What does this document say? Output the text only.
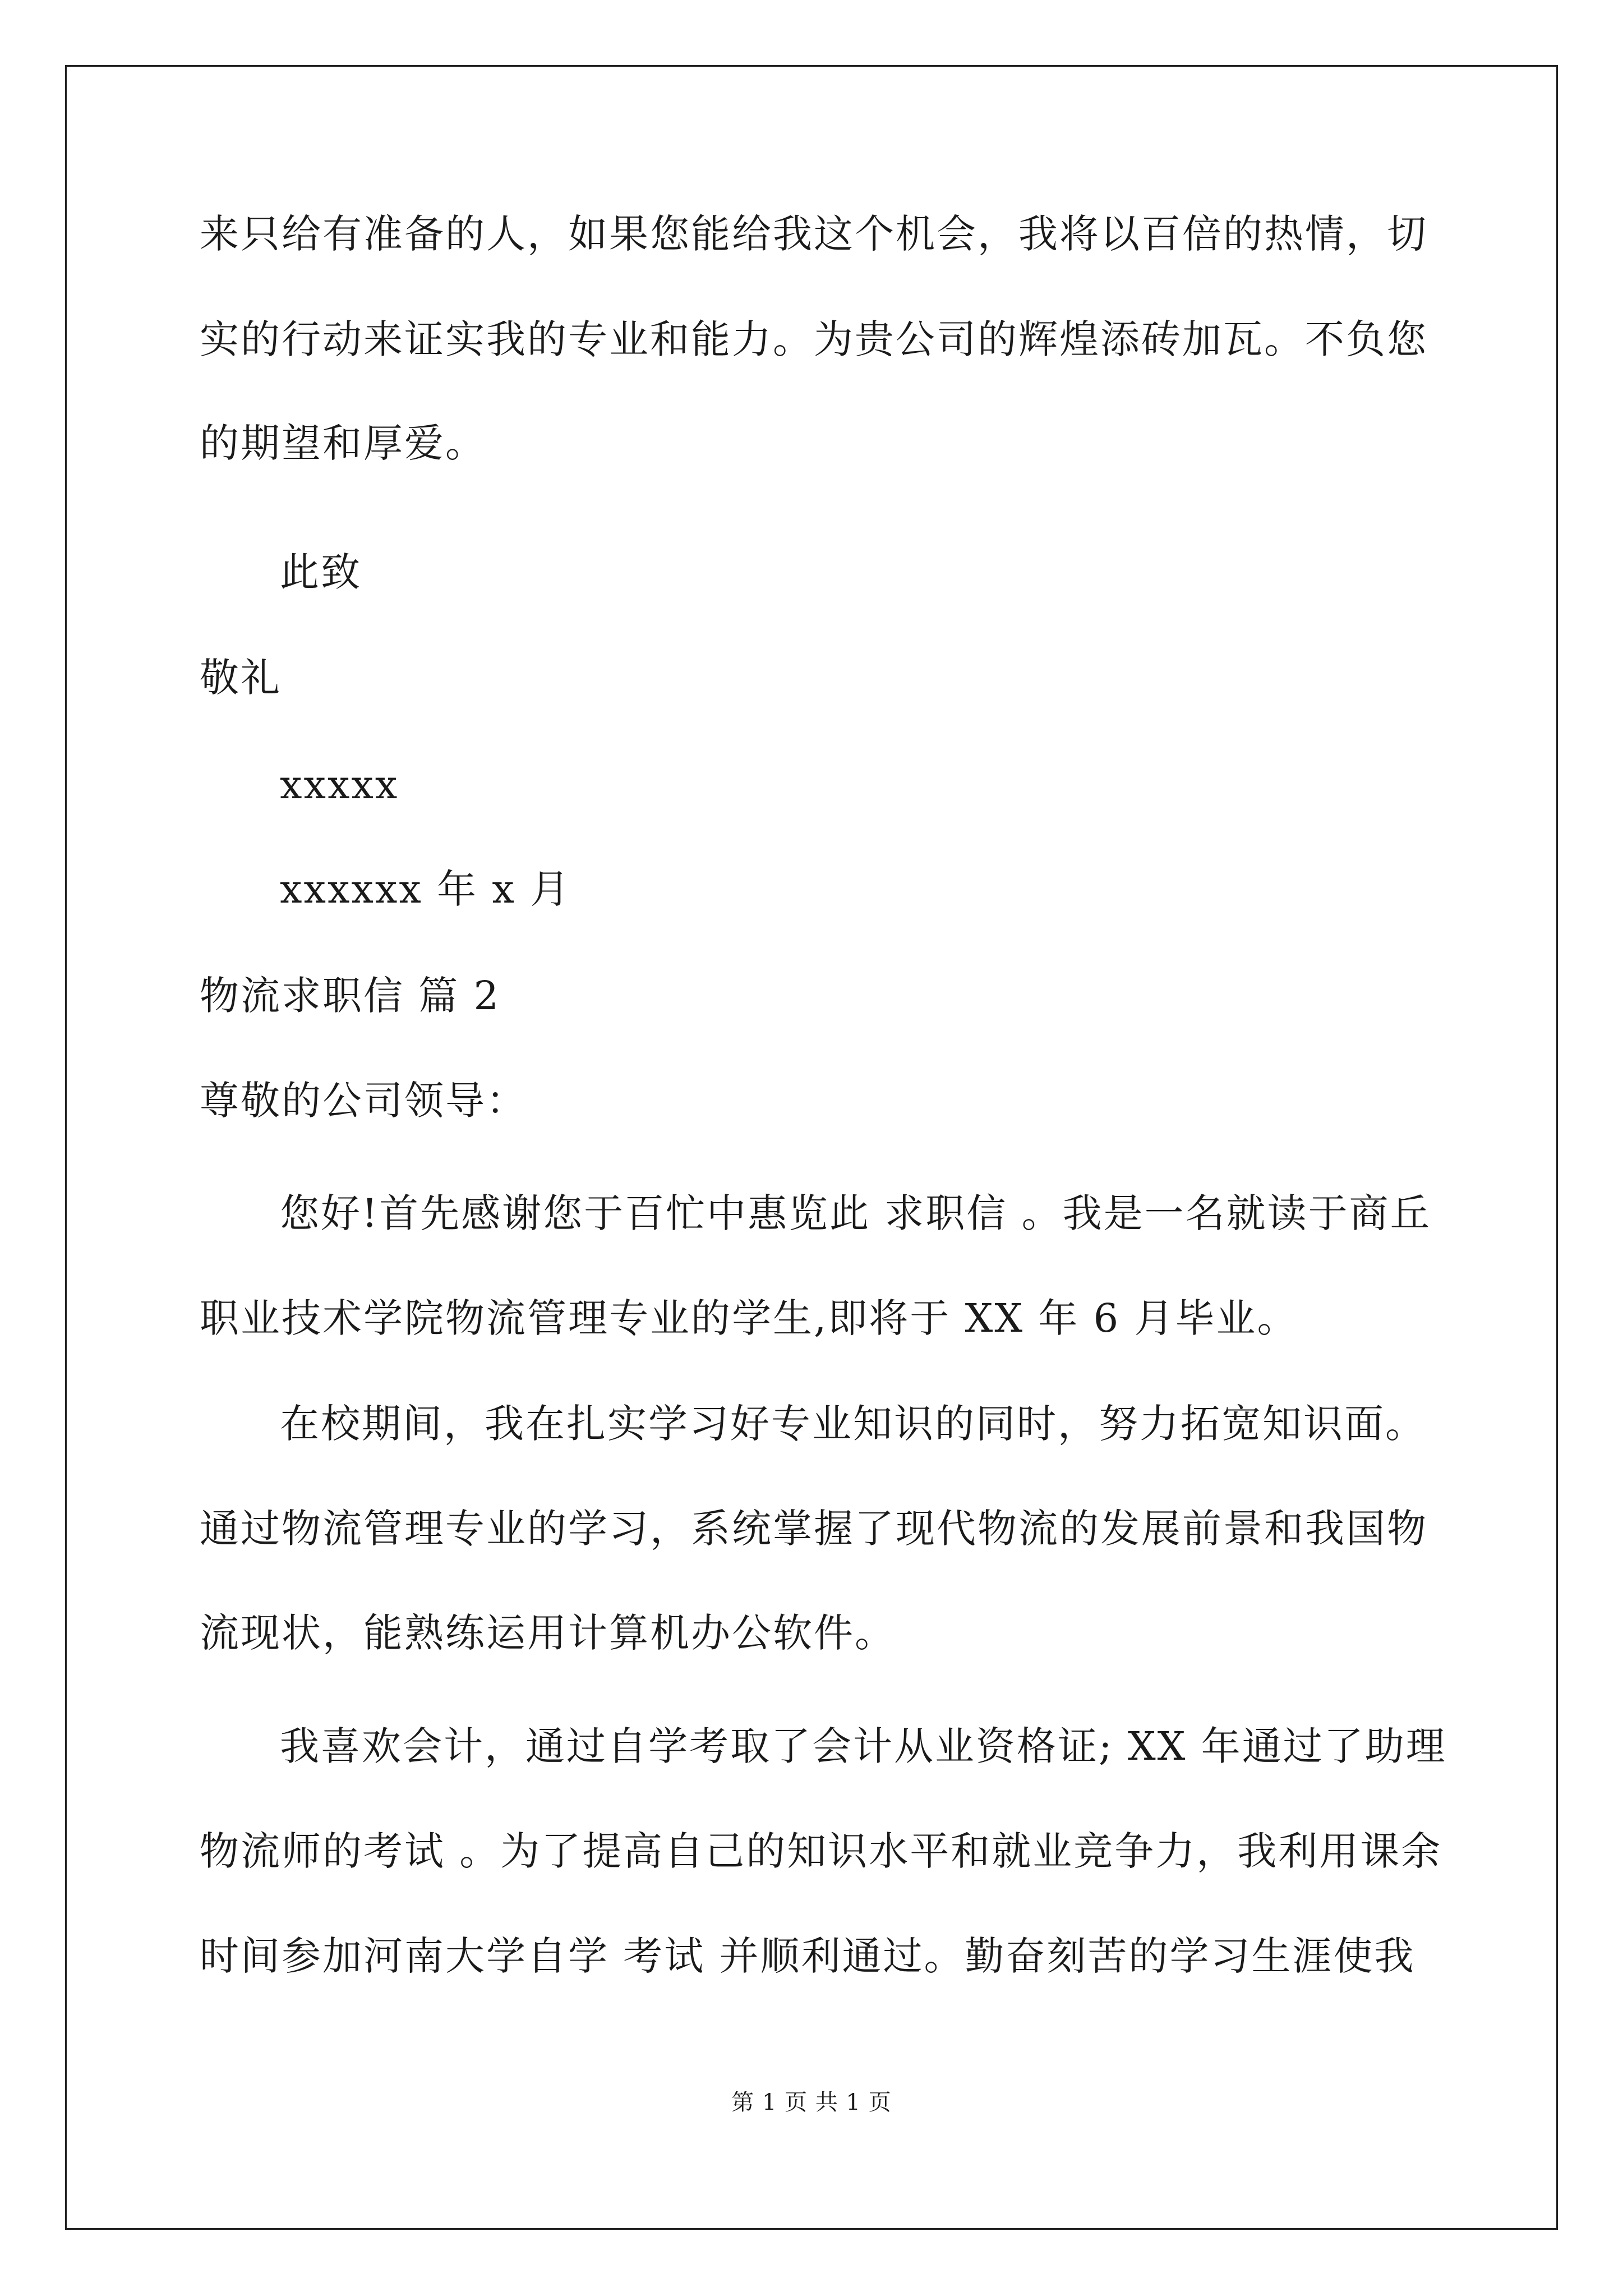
来只给有准备的人，如果您能给我这个机会，我将以百倍的热情，切
实的行动来证实我的专业和能力。为贵公司的辉煌添砖加瓦。不负您
的期望和厚爱。
此致
敬礼
xxxxx
xxxxxx 年 x 月
物流求职信 篇 2
尊敬的公司领导：
您好!首先感谢您于百忙中惠览此 求职信 。我是一名就读于商丘
职业技术学院物流管理专业的学生,即将于 XX 年 6 月毕业。
在校期间，我在扎实学习好专业知识的同时，努力拓宽知识面。
通过物流管理专业的学习，系统掌握了现代物流的发展前景和我国物
流现状，能熟练运用计算机办公软件。
我喜欢会计，通过自学考取了会计从业资格证; XX 年通过了助理
物流师的考试 。为了提高自己的知识水平和就业竞争力，我利用课余
时间参加河南大学自学 考试 并顺利通过。勤奋刻苦的学习生涯使我
第 1 页 共 1 页
